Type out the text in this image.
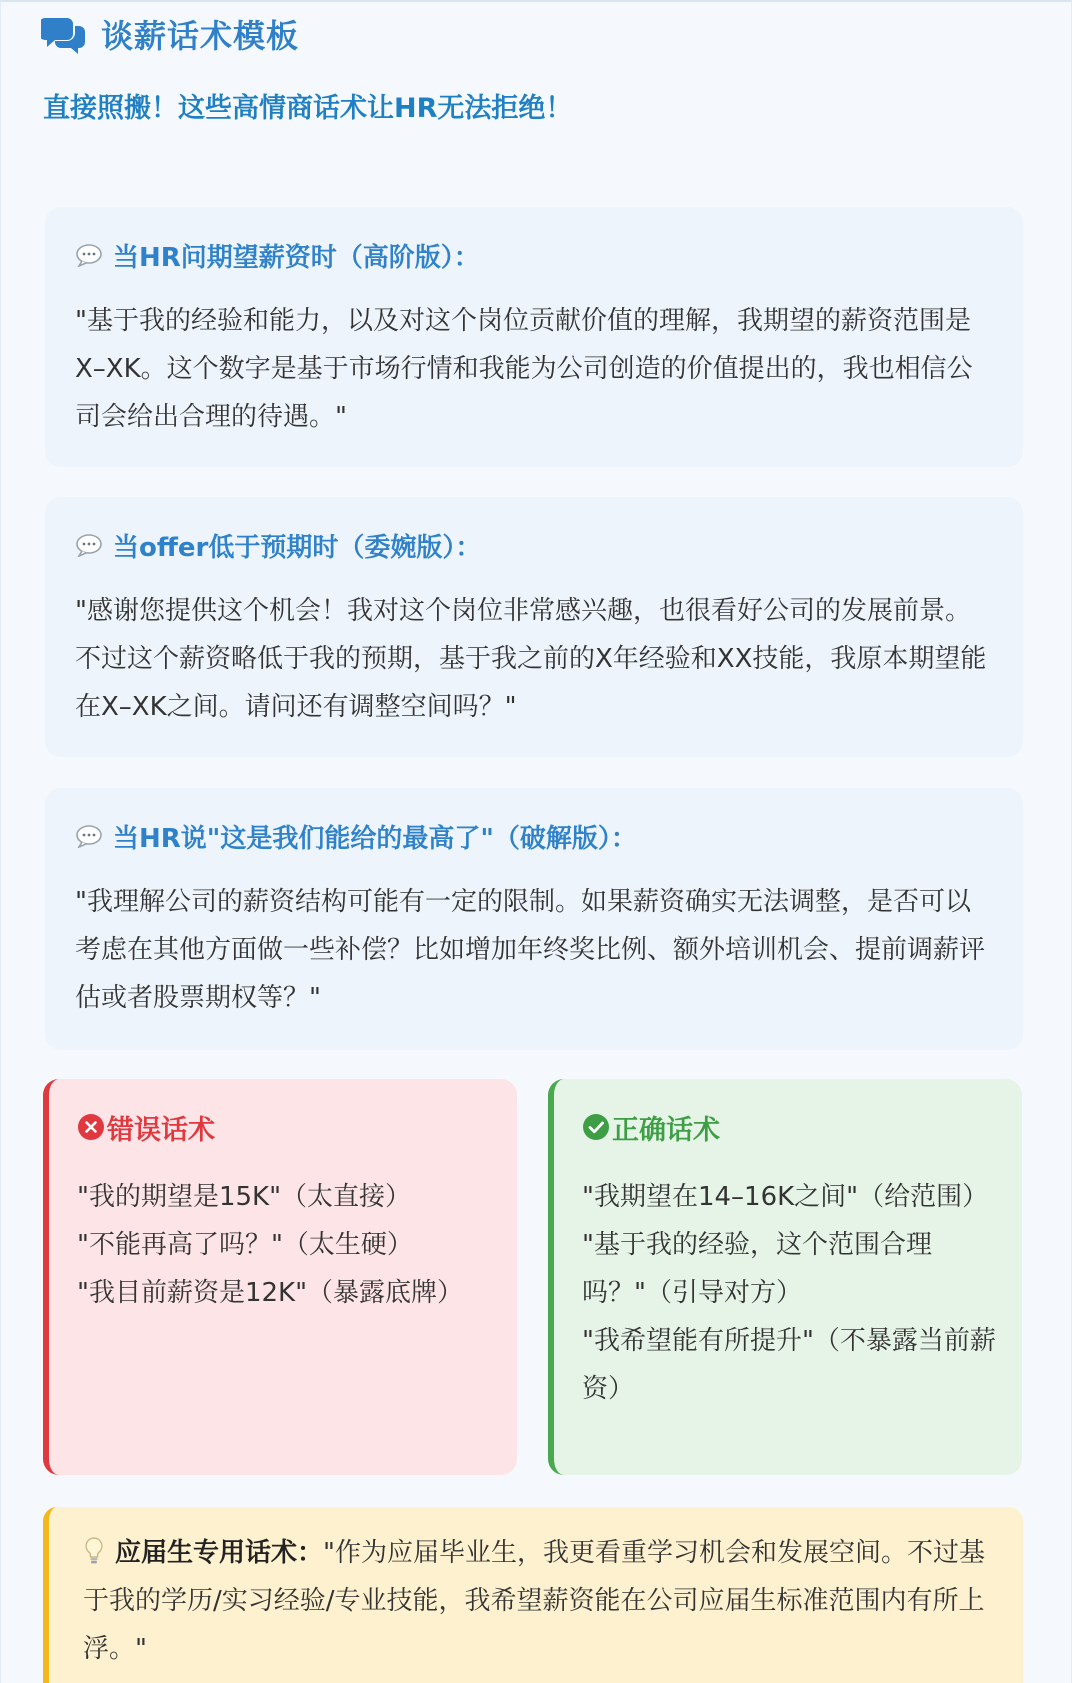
谈薪话术模板
直接照搬！这些高情商话术让HR无法拒绝！
当HR问期望薪资时（高阶版）：

"基于我的经验和能力，以及对这个岗位贡献价值的理解，我期望的薪资范围是X–XK。这个数字是基于市场行情和我能为公司创造的价值提出的，我也相信公司会给出合理的待遇。"

当offer低于预期时（委婉版）：

"感谢您提供这个机会！我对这个岗位非常感兴趣，也很看好公司的发展前景。不过这个薪资略低于我的预期，基于我之前的X年经验和XX技能，我原本期望能在X–XK之间。请问还有调整空间吗？"

当HR说"这是我们能给的最高了"（破解版）：

"我理解公司的薪资结构可能有一定的限制。如果薪资确实无法调整，是否可以考虑在其他方面做一些补偿？比如增加年终奖比例、额外培训机会、提前调薪评估或者股票期权等？"

错误话术
"我的期望是15K"（太直接）
"不能再高了吗？"（太生硬）
"我目前薪资是12K"（暴露底牌）
正确话术
"我期望在14–16K之间"（给范围）
"基于我的经验，这个范围合理吗？"（引导对方）
"我希望能有所提升"（不暴露当前薪资）
应届生专用话术："作为应届毕业生，我更看重学习机会和发展空间。不过基于我的学历/实习经验/专业技能，我希望薪资能在公司应届生标准范围内有所上浮。"
